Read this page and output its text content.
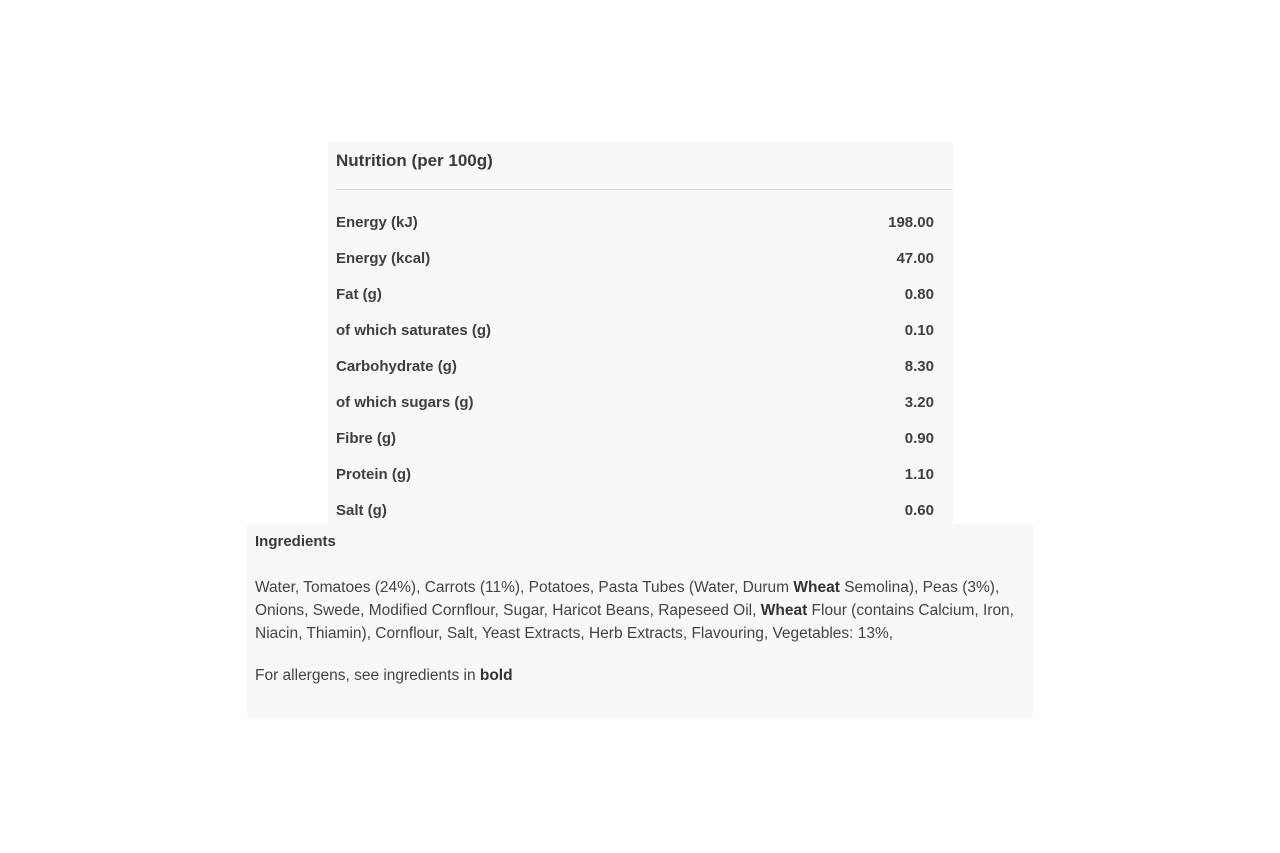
Nutrition (per 100g)
Energy (kJ)	198.00
Energy (kcal)	47.00
Fat (g)	0.80
of which saturates (g)	0.10
Carbohydrate (g)	8.30
of which sugars (g)	3.20
Fibre (g)	0.90
Protein (g)	1.10
Salt (g)	0.60
Ingredients

Water, Tomatoes (24%), Carrots (11%), Potatoes, Pasta Tubes (Water, Durum Wheat Semolina), Peas (3%), Onions, Swede, Modified Cornflour, Sugar, Haricot Beans, Rapeseed Oil, Wheat Flour (contains Calcium, Iron, Niacin, Thiamin), Cornflour, Salt, Yeast Extracts, Herb Extracts, Flavouring, Vegetables: 13%,

For allergens, see ingredients in bold
